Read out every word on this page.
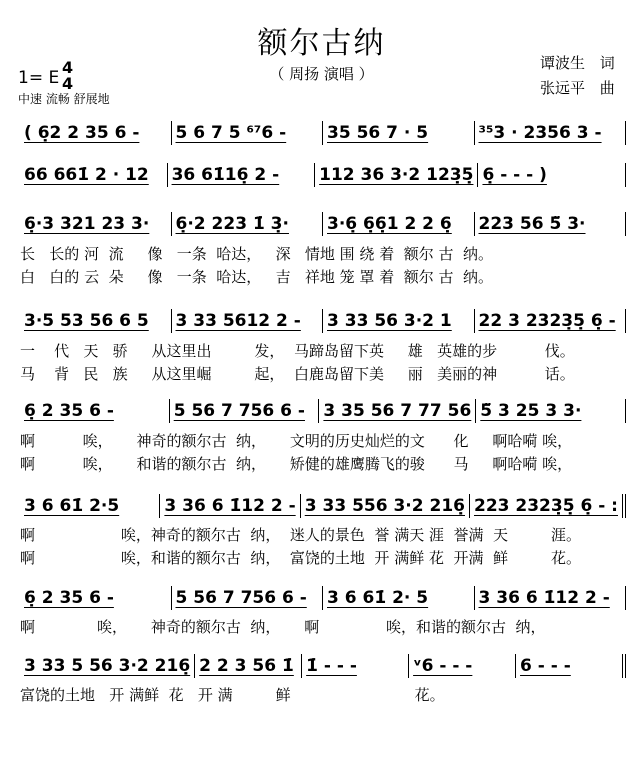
额尔古纳
（ 周扬 演唱 ）
1= E
4
4
中速 流畅 舒展地
谭波生 词
张远平 曲
( 6̣2 2 35 6 -	5 6 7 5 ⁶⁷6 -	35 56 7 · 5	³⁵3 · 2356 3 -
66 661̇ 2 · 12	36 61̇16̣ 2 -	112 36 3·2 123̣5̣ 6̣ - - - )
6̣·3 321 23 3·	6̣·2 223 1̇ 3̣·	3·6̣ 6̣6̣1 2 2 6̣	223 56 5̈ 3·
3·5 53 56 6 5	3 33 5612 2 -	3 33 56 3·2 1	22 3 2323̣5̣ 6̣ -
6̣ 2 35 6 -	5 56 7 756 6 -	3 35 56 7 77 56 5̈ 3 25 3 3·
3 6 61̇ 2·5	3 36 6 1̇12 2 - 3 33 556 3·2 216̣ 223 2323̣5̣ 6̣ - :
6̣ 2 35 6 -	5 56 7 756 6 -	3 6 61̇ 2· 5	3 36 6 1̇12 2 -
3 33 5 56 3·2 216̣ 2 2 3 56 1̇ 1̇ - - -	ᵛ6 - - -	6 - - -
长   长的 河  流     像   一条  哈达，   深   情地 围 绕 着  额尔 古  纳。
白   白的 云  朵     像   一条  哈达，   吉   祥地 笼 罩 着  额尔 古  纳。
一    代   天   骄     从这里出         发，  马蹄岛留下英     雄   英雄的步          伐。
马    背   民   族     从这里崛         起，  白鹿岛留下美     丽   美丽的神          话。
啊          唉，     神奇的额尔古  纳，     文明的历史灿烂的文      化     啊哈嗬 唉，
啊          唉，     和谐的额尔古  纳，     矫健的雄鹰腾飞的骏      马     啊哈嗬 唉，
啊                  唉，神奇的额尔古  纳，  迷人的景色  誉 满天 涯  誉满  天         涯。
啊                  唉，和谐的额尔古  纳，  富饶的土地  开 满鲜 花  开满  鲜         花。
啊             唉，     神奇的额尔古  纳，     啊              唉，和谐的额尔古  纳，
富饶的土地   开 满鲜  花   开 满         鲜                          花。
